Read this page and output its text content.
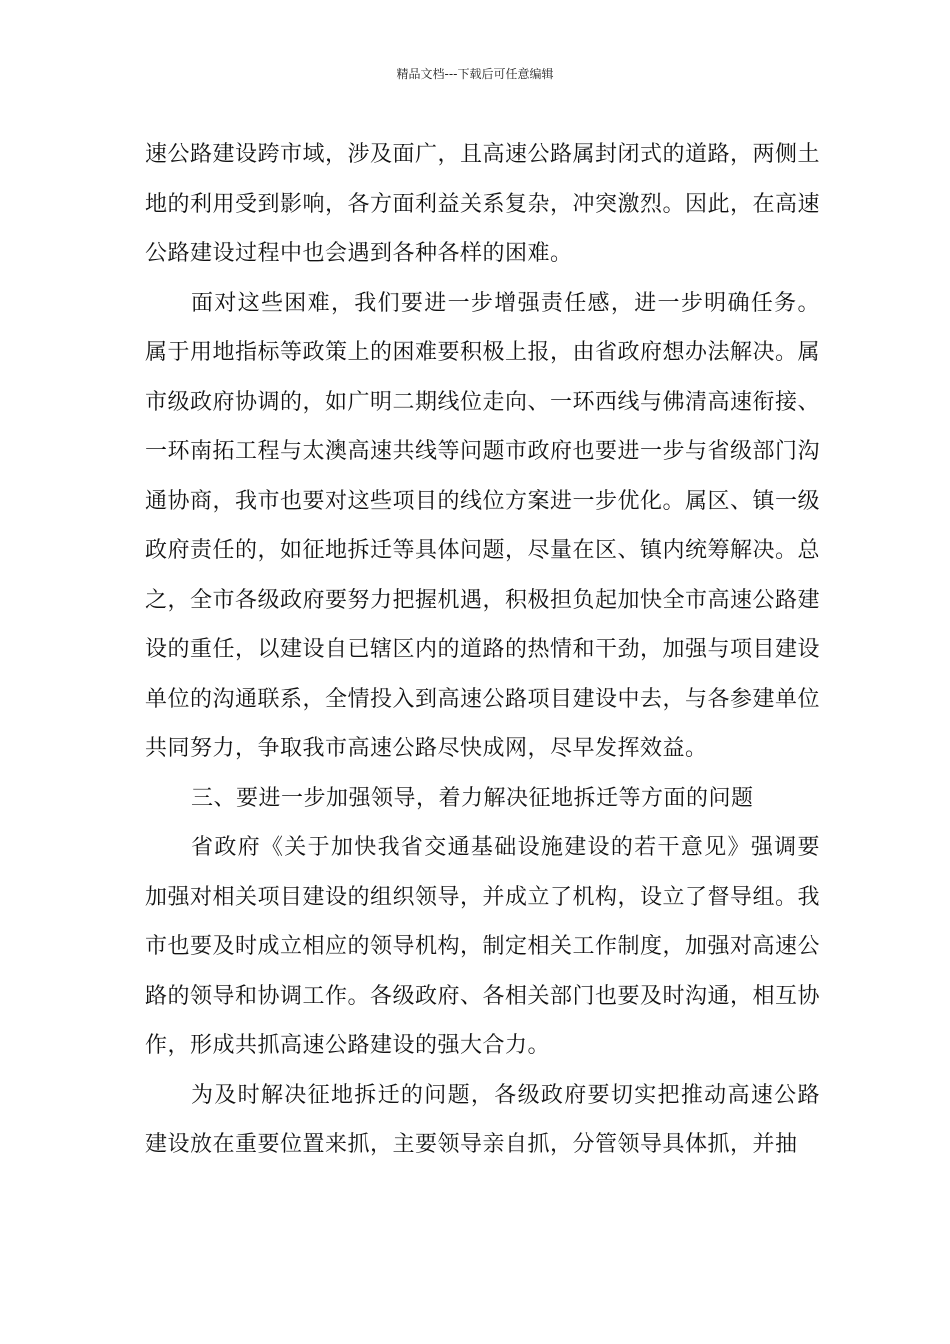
精品文档---下载后可任意编辑

速公路建设跨市域，涉及面广，且高速公路属封闭式的道路，两侧土地的利用受到影响，各方面利益关系复杂，冲突激烈。因此，在高速公路建设过程中也会遇到各种各样的困难。

面对这些困难，我们要进一步增强责任感，进一步明确任务。属于用地指标等政策上的困难要积极上报，由省政府想办法解决。属市级政府协调的，如广明二期线位走向、一环西线与佛清高速衔接、一环南拓工程与太澳高速共线等问题市政府也要进一步与省级部门沟通协商，我市也要对这些项目的线位方案进一步优化。属区、镇一级政府责任的，如征地拆迁等具体问题，尽量在区、镇内统筹解决。总之，全市各级政府要努力把握机遇，积极担负起加快全市高速公路建设的重任，以建设自已辖区内的道路的热情和干劲，加强与项目建设单位的沟通联系，全情投入到高速公路项目建设中去，与各参建单位共同努力，争取我市高速公路尽快成网，尽早发挥效益。

三、要进一步加强领导，着力解决征地拆迁等方面的问题

省政府《关于加快我省交通基础设施建设的若干意见》强调要加强对相关项目建设的组织领导，并成立了机构，设立了督导组。我市也要及时成立相应的领导机构，制定相关工作制度，加强对高速公路的领导和协调工作。各级政府、各相关部门也要及时沟通，相互协作，形成共抓高速公路建设的强大合力。

为及时解决征地拆迁的问题，各级政府要切实把推动高速公路建设放在重要位置来抓，主要领导亲自抓，分管领导具体抓，并抽
